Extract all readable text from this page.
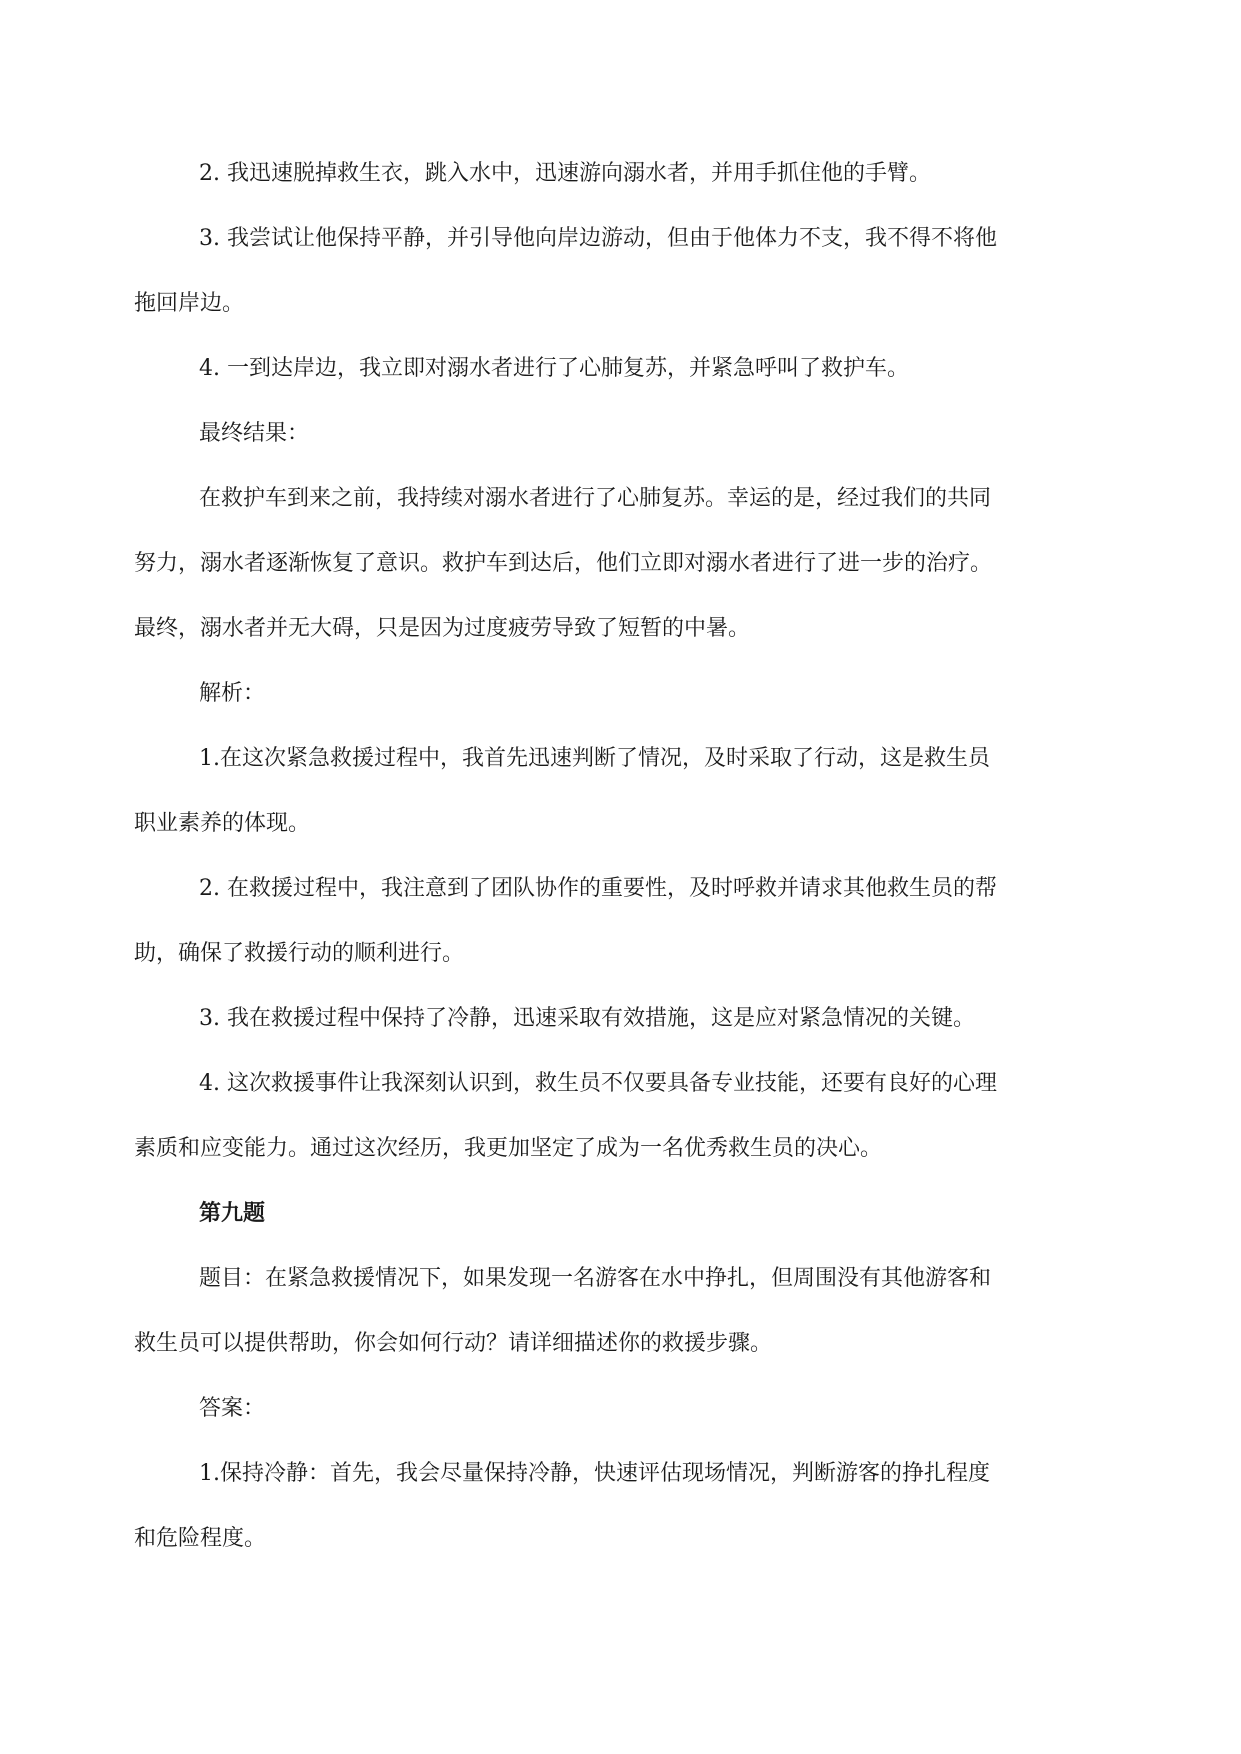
2. 我迅速脱掉救生衣，跳入水中，迅速游向溺水者，并用手抓住他的手臂。
3. 我尝试让他保持平静，并引导他向岸边游动，但由于他体力不支，我不得不将他
拖回岸边。
4. 一到达岸边，我立即对溺水者进行了心肺复苏，并紧急呼叫了救护车。
最终结果：
在救护车到来之前，我持续对溺水者进行了心肺复苏。幸运的是，经过我们的共同
努力，溺水者逐渐恢复了意识。救护车到达后，他们立即对溺水者进行了进一步的治疗。
最终，溺水者并无大碍，只是因为过度疲劳导致了短暂的中暑。
解析：
1.在这次紧急救援过程中，我首先迅速判断了情况，及时采取了行动，这是救生员
职业素养的体现。
2. 在救援过程中，我注意到了团队协作的重要性，及时呼救并请求其他救生员的帮
助，确保了救援行动的顺利进行。
3. 我在救援过程中保持了冷静，迅速采取有效措施，这是应对紧急情况的关键。
4. 这次救援事件让我深刻认识到，救生员不仅要具备专业技能，还要有良好的心理
素质和应变能力。通过这次经历，我更加坚定了成为一名优秀救生员的决心。
第九题
题目：在紧急救援情况下，如果发现一名游客在水中挣扎，但周围没有其他游客和
救生员可以提供帮助，你会如何行动？请详细描述你的救援步骤。
答案：
1.保持冷静：首先，我会尽量保持冷静，快速评估现场情况，判断游客的挣扎程度
和危险程度。
